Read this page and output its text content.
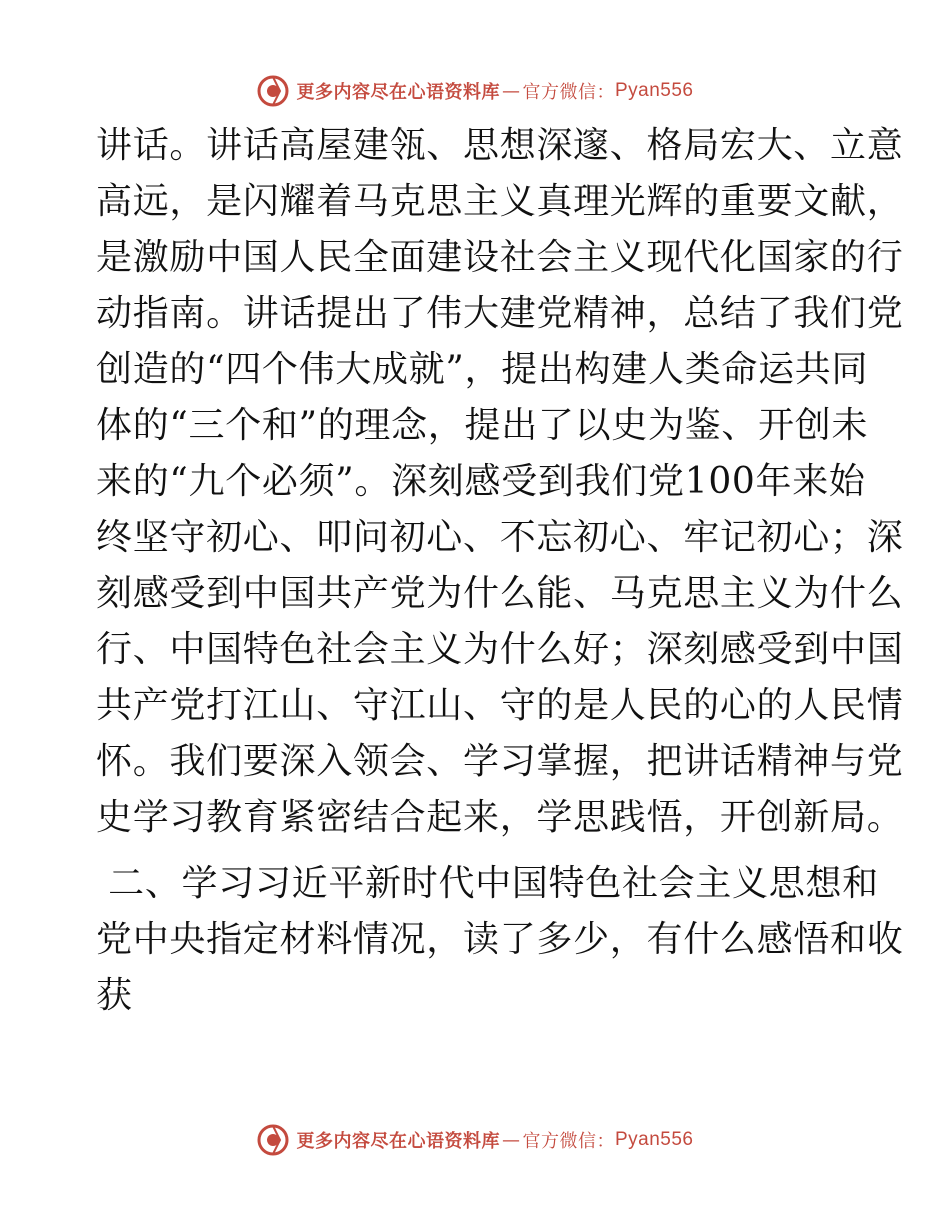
更多内容尽在心语资料库 — 官方微信： Pyan556
讲话。讲话高屋建瓴、思想深邃、格局宏大、立意
高远，是闪耀着马克思主义真理光辉的重要文献，
是激励中国人民全面建设社会主义现代化国家的行
动指南。讲话提出了伟大建党精神，总结了我们党
创造的“四个伟大成就”，提出构建人类命运共同
体的“三个和”的理念，提出了以史为鉴、开创未
来的“九个必须”。深刻感受到我们党100年来始
终坚守初心、叩问初心、不忘初心、牢记初心；深
刻感受到中国共产党为什么能、马克思主义为什么
行、中国特色社会主义为什么好；深刻感受到中国
共产党打江山、守江山、守的是人民的心的人民情
怀。我们要深入领会、学习掌握，把讲话精神与党
史学习教育紧密结合起来，学思践悟，开创新局。
二、学习习近平新时代中国特色社会主义思想和
党中央指定材料情况，读了多少，有什么感悟和收
获
更多内容尽在心语资料库 — 官方微信： Pyan556
